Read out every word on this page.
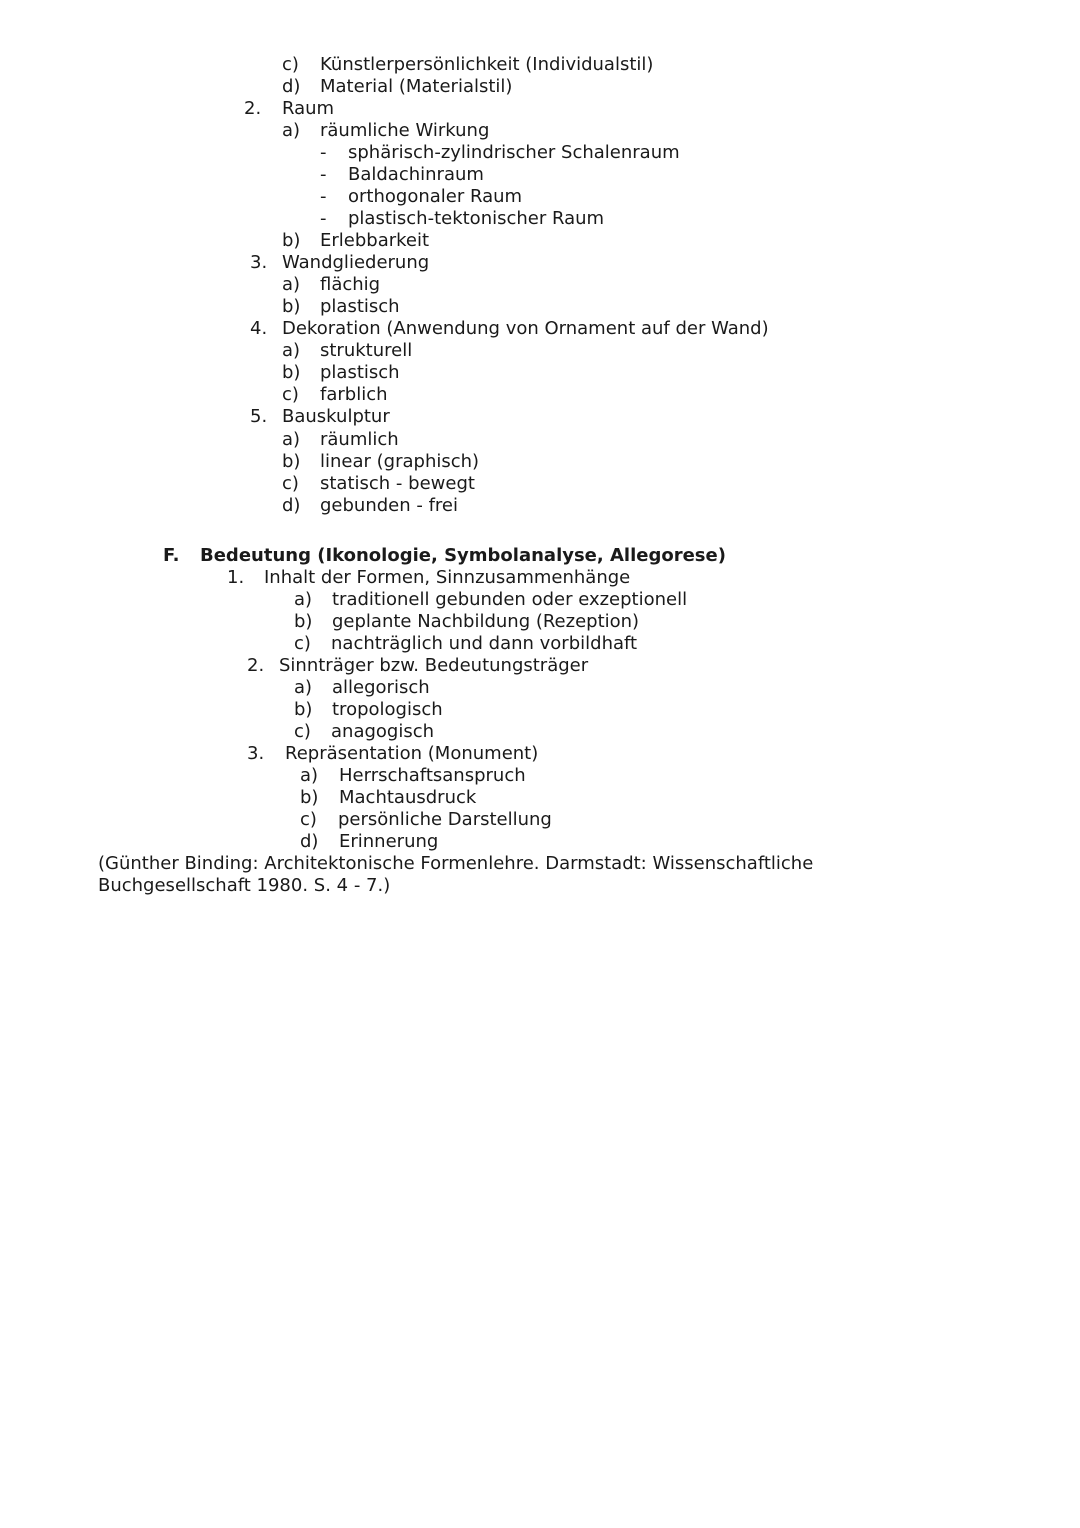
c) Künstlerpersönlichkeit (Individualstil)
d) Material (Materialstil)
2. Raum
a) räumliche Wirkung
- sphärisch-zylindrischer Schalenraum
- Baldachinraum
- orthogonaler Raum
- plastisch-tektonischer Raum
b) Erlebbarkeit
3. Wandgliederung
a) flächig
b) plastisch
4. Dekoration (Anwendung von Ornament auf der Wand)
a) strukturell
b) plastisch
c) farblich
5. Bauskulptur
a) räumlich
b) linear (graphisch)
c) statisch - bewegt
d) gebunden - frei
F. Bedeutung (Ikonologie, Symbolanalyse, Allegorese)
1. Inhalt der Formen, Sinnzusammenhänge
a) traditionell gebunden oder exzeptionell
b) geplante Nachbildung (Rezeption)
c) nachträglich und dann vorbildhaft
2. Sinnträger bzw. Bedeutungsträger
a) allegorisch
b) tropologisch
c) anagogisch
3. Repräsentation (Monument)
a) Herrschaftsanspruch
b) Machtausdruck
c) persönliche Darstellung
d) Erinnerung
(Günther Binding: Architektonische Formenlehre. Darmstadt: Wissenschaftliche
Buchgesellschaft 1980. S. 4 - 7.)
